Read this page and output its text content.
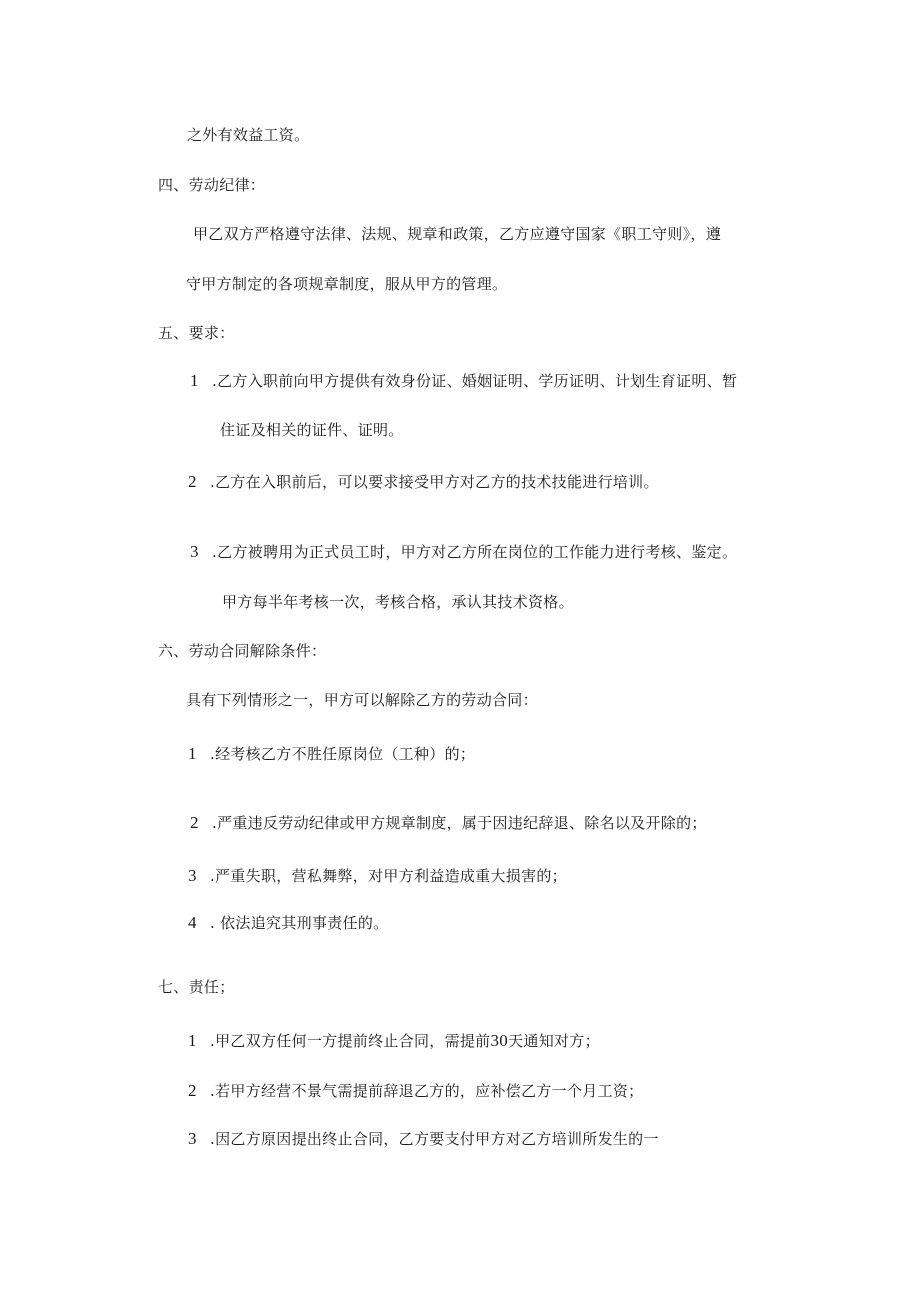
之外有效益工资。
四、劳动纪律：
甲乙双方严格遵守法律、法规、规章和政策，乙方应遵守国家《职工守则》，遵
守甲方制定的各项规章制度，服从甲方的管理。
五、要求：
1 .乙方入职前向甲方提供有效身份证、婚姻证明、学历证明、计划生育证明、暂
住证及相关的证件、证明。
2 .乙方在入职前后，可以要求接受甲方对乙方的技术技能进行培训。
3 .乙方被聘用为正式员工时，甲方对乙方所在岗位的工作能力进行考核、鉴定。
甲方每半年考核一次，考核合格，承认其技术资格。
六、劳动合同解除条件：
具有下列情形之一，甲方可以解除乙方的劳动合同：
1 .经考核乙方不胜任原岗位（工种）的；
2 .严重违反劳动纪律或甲方规章制度，属于因违纪辞退、除名以及开除的；
3 .严重失职，营私舞弊，对甲方利益造成重大损害的；
4 . 依法追究其刑事责任的。
七、责任；
1 .甲乙双方任何一方提前终止合同，需提前30天通知对方；
2 .若甲方经营不景气需提前辞退乙方的，应补偿乙方一个月工资；
3 .因乙方原因提出终止合同，乙方要支付甲方对乙方培训所发生的一
